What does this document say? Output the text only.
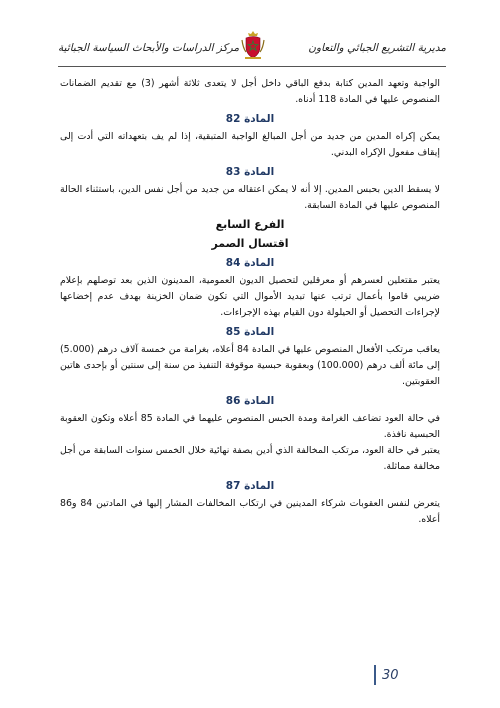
مديرية التشريع الجبائي والتعاون
مركز الدراسات والأبحاث السياسة الجبائية

الواجبة وتعهد المدين كتابة بدفع الباقي داخل أجل لا يتعدى ثلاثة أشهر (3) مع تقديم الضمانات المنصوص عليها في المادة 118 أدناه.

المادة 82

يمكن إكراه المدين من جديد من أجل المبالغ الواجبة المتبقية، إذا لم يف بتعهداته التي أدت إلى إيقاف مفعول الإكراه البدني.

المادة 83

لا يسقط الدين بحبس المدين. إلا أنه لا يمكن اعتقاله من جديد من أجل نفس الدين، باستثناء الحالة المنصوص عليها في المادة السابقة.

الفرع السابع
اقتسال الصمر
المادة 84

يعتبر مقتعلين لعسرهم أو معرقلين لتحصيل الديون العمومية، المدينون الذين بعد توصلهم بإعلام ضريبي قاموا بأعمال ترتب عنها تبديد الأموال التي تكون ضمان الخزينة بهدف عدم إخضاعها لإجراءات التحصيل أو الحيلولة دون القيام بهذه الإجراءات.

المادة 85

يعاقب مرتكب الأفعال المنصوص عليها في المادة 84 أعلاه، بغرامة من خمسة آلاف درهم (5.000) إلى مائة ألف درهم (100.000) وبعقوبة حبسية موقوفة التنفيذ من سنة إلى سنتين أو بإحدى هاتين العقوبتين.

المادة 86

في حالة العود تضاعف الغرامة ومدة الحبس المنصوص عليهما في المادة 85 أعلاه وتكون العقوبة الحبسية نافذة.

يعتبر في حالة العود، مرتكب المخالفة الذي أدين بصفة نهائية خلال الخمس سنوات السابقة من أجل مخالفة مماثلة.

المادة 87

يتعرض لنفس العقوبات شركاء المدينين في ارتكاب المخالفات المشار إليها في المادتين 84 و86 أعلاه.

30
